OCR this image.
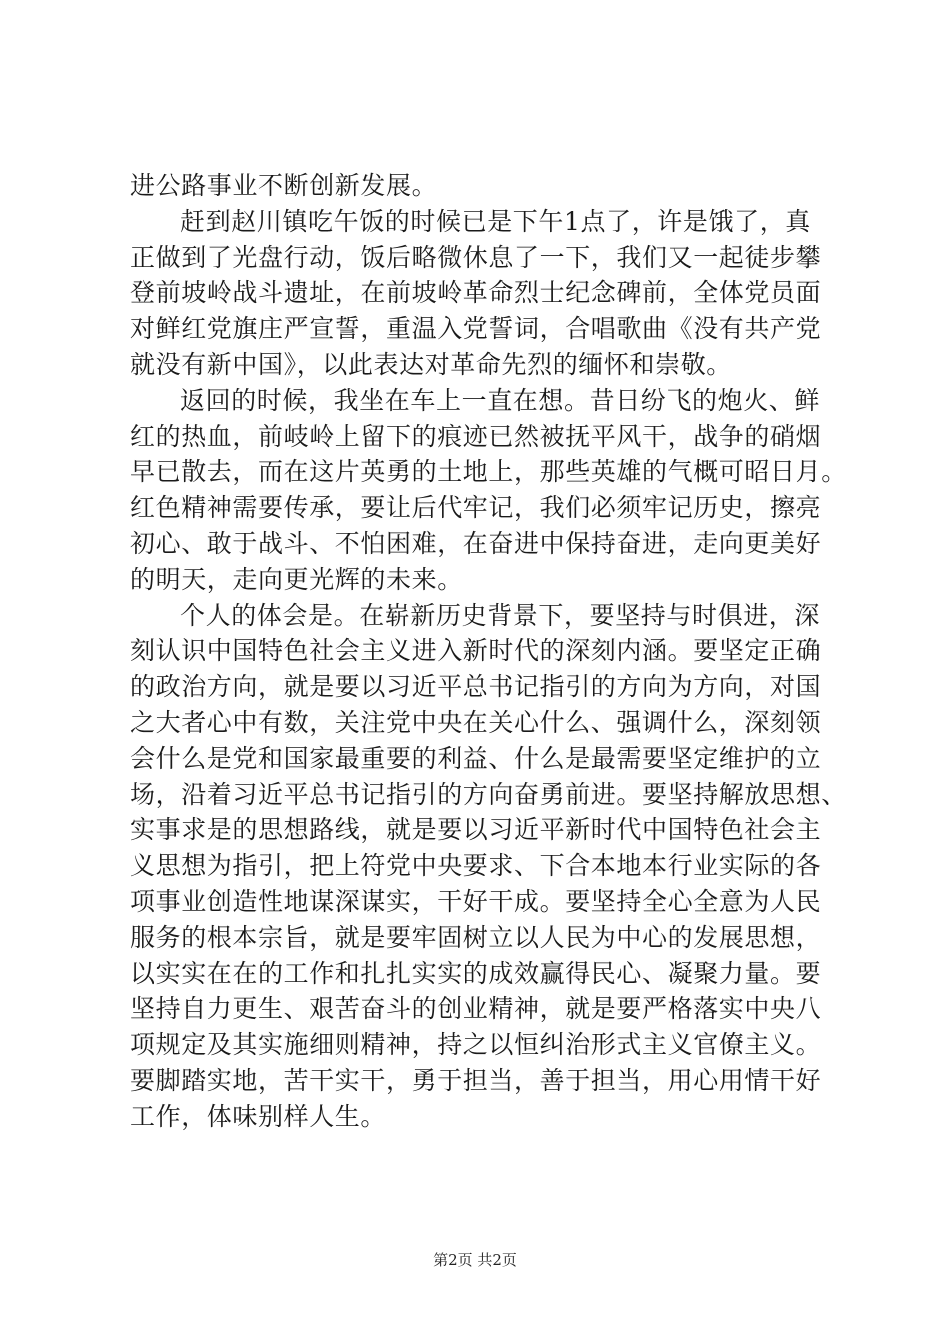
进公路事业不断创新发展。
赶到赵川镇吃午饭的时候已是下午1点了，许是饿了，真
正做到了光盘行动，饭后略微休息了一下，我们又一起徒步攀
登前坡岭战斗遗址，在前坡岭革命烈士纪念碑前，全体党员面
对鲜红党旗庄严宣誓，重温入党誓词，合唱歌曲《没有共产党
就没有新中国》，以此表达对革命先烈的缅怀和崇敬。
返回的时候，我坐在车上一直在想。昔日纷飞的炮火、鲜
红的热血，前岐岭上留下的痕迹已然被抚平风干，战争的硝烟
早已散去，而在这片英勇的土地上，那些英雄的气概可昭日月。
红色精神需要传承，要让后代牢记，我们必须牢记历史，擦亮
初心、敢于战斗、不怕困难，在奋进中保持奋进，走向更美好
的明天，走向更光辉的未来。
个人的体会是。在崭新历史背景下，要坚持与时俱进，深
刻认识中国特色社会主义进入新时代的深刻内涵。要坚定正确
的政治方向，就是要以习近平总书记指引的方向为方向，对国
之大者心中有数，关注党中央在关心什么、强调什么，深刻领
会什么是党和国家最重要的利益、什么是最需要坚定维护的立
场，沿着习近平总书记指引的方向奋勇前进。要坚持解放思想、
实事求是的思想路线，就是要以习近平新时代中国特色社会主
义思想为指引，把上符党中央要求、下合本地本行业实际的各
项事业创造性地谋深谋实，干好干成。要坚持全心全意为人民
服务的根本宗旨，就是要牢固树立以人民为中心的发展思想，
以实实在在的工作和扎扎实实的成效赢得民心、凝聚力量。要
坚持自力更生、艰苦奋斗的创业精神，就是要严格落实中央八
项规定及其实施细则精神，持之以恒纠治形式主义官僚主义。
要脚踏实地，苦干实干，勇于担当，善于担当，用心用情干好
工作，体味别样人生。
第2页 共2页
